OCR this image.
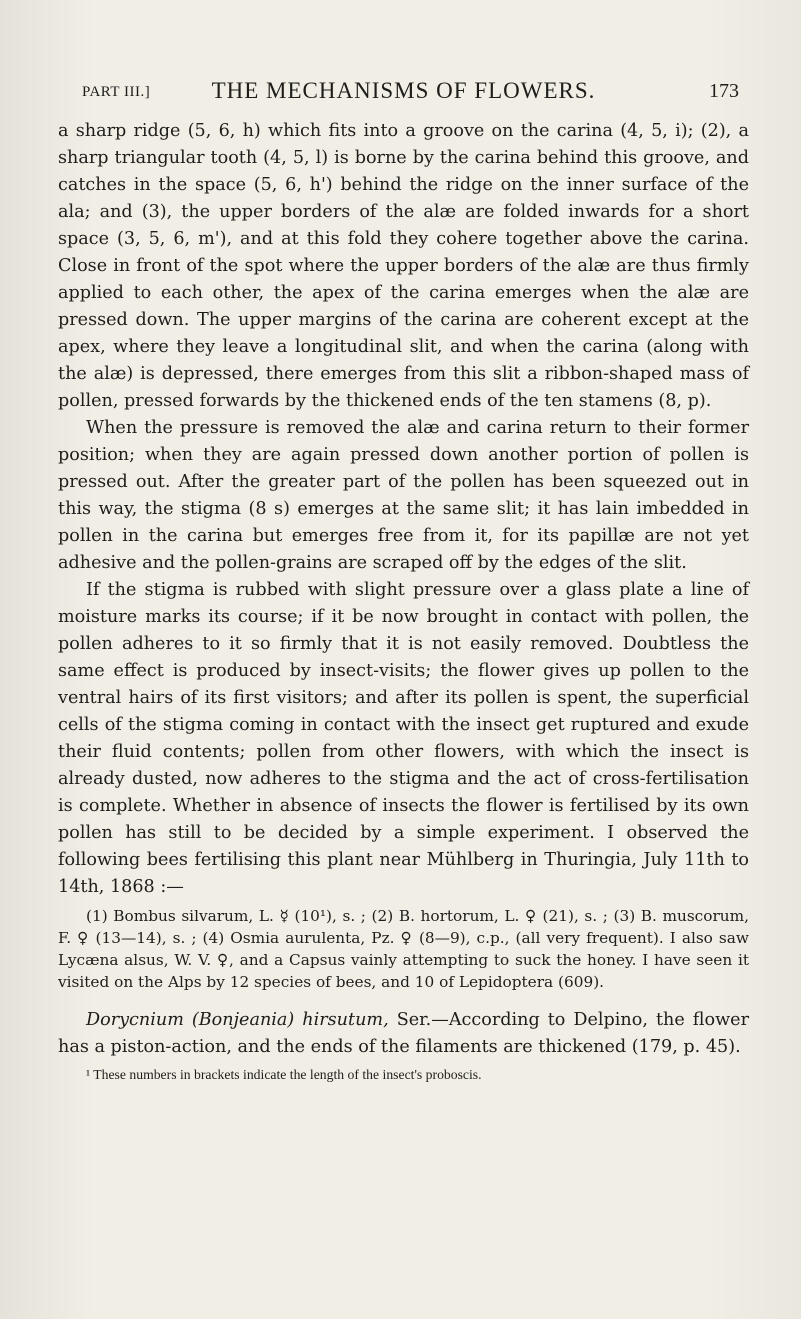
PART III.]	THE MECHANISMS OF FLOWERS.	173

a sharp ridge (5, 6, h) which fits into a groove on the carina (4, 5, i); (2), a sharp triangular tooth (4, 5, l) is borne by the carina behind this groove, and catches in the space (5, 6, h') behind the ridge on the inner surface of the ala; and (3), the upper borders of the alæ are folded inwards for a short space (3, 5, 6, m'), and at this fold they cohere together above the carina. Close in front of the spot where the upper borders of the alæ are thus firmly applied to each other, the apex of the carina emerges when the alæ are pressed down. The upper margins of the carina are coherent except at the apex, where they leave a longitudinal slit, and when the carina (along with the alæ) is depressed, there emerges from this slit a ribbon-shaped mass of pollen, pressed forwards by the thickened ends of the ten stamens (8, p).

When the pressure is removed the alæ and carina return to their former position; when they are again pressed down another portion of pollen is pressed out. After the greater part of the pollen has been squeezed out in this way, the stigma (8 s) emerges at the same slit; it has lain imbedded in pollen in the carina but emerges free from it, for its papillæ are not yet adhesive and the pollen-grains are scraped off by the edges of the slit.

If the stigma is rubbed with slight pressure over a glass plate a line of moisture marks its course; if it be now brought in contact with pollen, the pollen adheres to it so firmly that it is not easily removed. Doubtless the same effect is produced by insect-visits; the flower gives up pollen to the ventral hairs of its first visitors; and after its pollen is spent, the superficial cells of the stigma coming in contact with the insect get ruptured and exude their fluid contents; pollen from other flowers, with which the insect is already dusted, now adheres to the stigma and the act of cross-fertilisation is complete. Whether in absence of insects the flower is fertilised by its own pollen has still to be decided by a simple experiment. I observed the following bees fertilising this plant near Mühlberg in Thuringia, July 11th to 14th, 1868 :—

(1) Bombus silvarum, L. ☿ (10¹), s. ; (2) B. hortorum, L. ♀ (21), s. ; (3) B. muscorum, F. ♀ (13—14), s. ; (4) Osmia aurulenta, Pz. ♀ (8—9), c.p., (all very frequent). I also saw Lycæna alsus, W. V. ♀, and a Capsus vainly attempting to suck the honey. I have seen it visited on the Alps by 12 species of bees, and 10 of Lepidoptera (609).

Dorycnium (Bonjeania) hirsutum, Ser.—According to Delpino, the flower has a piston-action, and the ends of the filaments are thickened (179, p. 45).

¹ These numbers in brackets indicate the length of the insect's proboscis.
